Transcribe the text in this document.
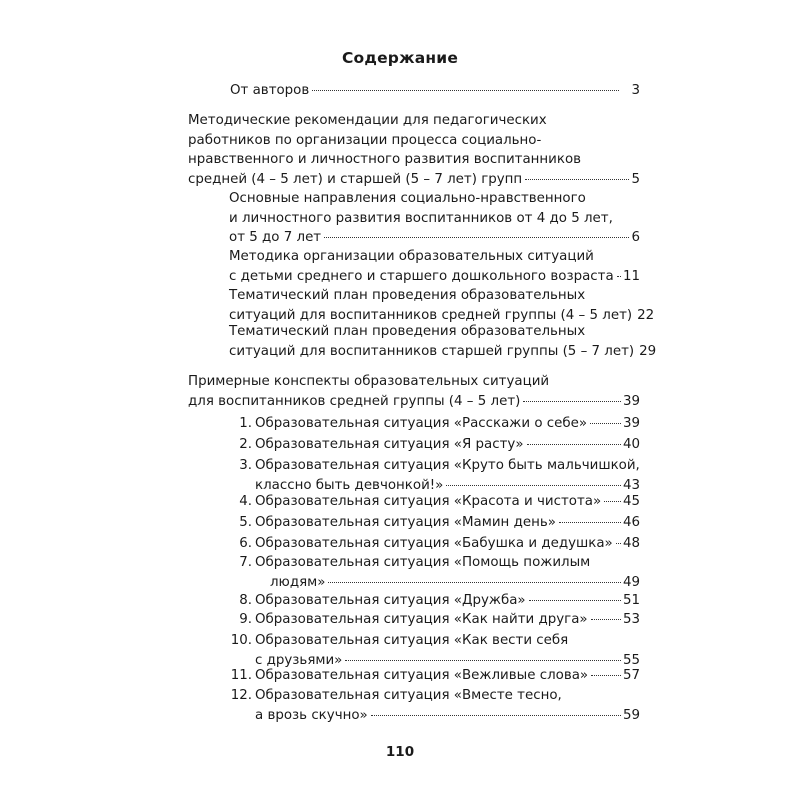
Содержание
От авторов	3
Методические рекомендации для педагогических
работников по организации процесса социально-
нравственного и личностного развития воспитанников
средней (4 – 5 лет) и старшей (5 – 7 лет) групп	5
Основные направления социально-нравственного
и личностного развития воспитанников от 4 до 5 лет,
от 5 до 7 лет	6
Методика организации образовательных ситуаций
с детьми среднего и старшего дошкольного возраста 11
Тематический план проведения образовательных
ситуаций для воспитанников средней группы (4 – 5 лет) 22
Тематический план проведения образовательных
ситуаций для воспитанников старшей группы (5 – 7 лет) 29
Примерные конспекты образовательных ситуаций
для воспитанников средней группы (4 – 5 лет)	39
1. Образовательная ситуация «Расскажи о себе»	39
2. Образовательная ситуация «Я расту»	40
3. Образовательная ситуация «Круто быть мальчишкой,
классно быть девчонкой!»	43
4. Образовательная ситуация «Красота и чистота» 45
5. Образовательная ситуация «Мамин день»	46
6. Образовательная ситуация «Бабушка и дедушка» 48
7. Образовательная ситуация «Помощь пожилым
людям»	49
8. Образовательная ситуация «Дружба»	51
9. Образовательная ситуация «Как найти друга»	53
10. Образовательная ситуация «Как вести себя
с друзьями»	55
11. Образовательная ситуация «Вежливые слова»	57
12. Образовательная ситуация «Вместе тесно,
а врозь скучно»	59
110
